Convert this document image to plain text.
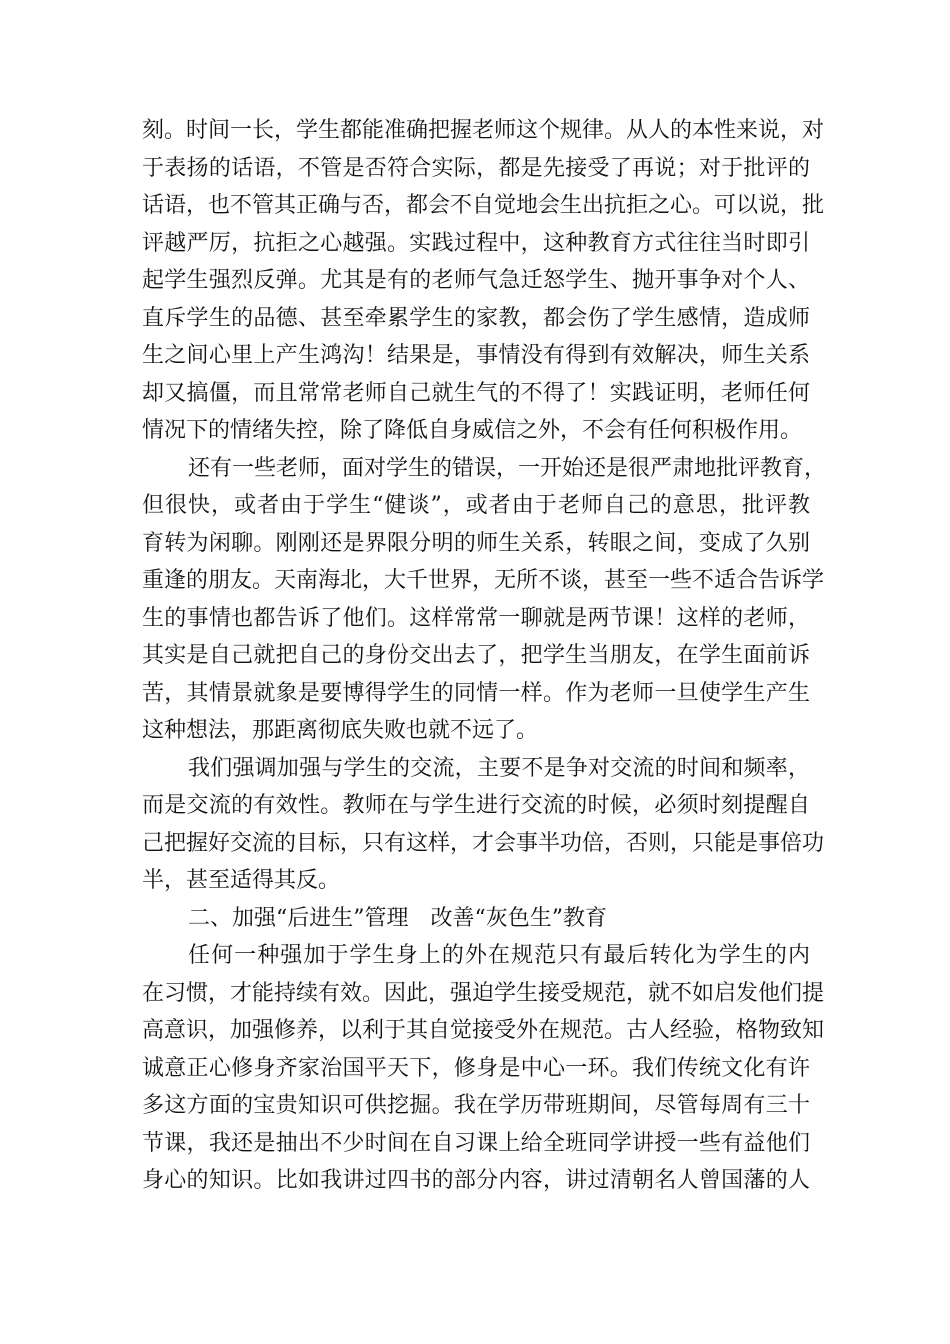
刻。时间一长，学生都能准确把握老师这个规律。从人的本性来说，对
于表扬的话语，不管是否符合实际，都是先接受了再说；对于批评的
话语，也不管其正确与否，都会不自觉地会生出抗拒之心。可以说，批
评越严厉，抗拒之心越强。实践过程中，这种教育方式往往当时即引
起学生强烈反弹。尤其是有的老师气急迁怒学生、抛开事争对个人、
直斥学生的品德、甚至牵累学生的家教，都会伤了学生感情，造成师
生之间心里上产生鸿沟！结果是，事情没有得到有效解决，师生关系
却又搞僵，而且常常老师自己就生气的不得了！实践证明，老师任何
情况下的情绪失控，除了降低自身威信之外，不会有任何积极作用。
还有一些老师，面对学生的错误，一开始还是很严肃地批评教育，
但很快，或者由于学生“健谈”，或者由于老师自己的意思，批评教
育转为闲聊。刚刚还是界限分明的师生关系，转眼之间，变成了久别
重逢的朋友。天南海北，大千世界，无所不谈，甚至一些不适合告诉学
生的事情也都告诉了他们。这样常常一聊就是两节课！这样的老师，
其实是自己就把自己的身份交出去了，把学生当朋友，在学生面前诉
苦，其情景就象是要博得学生的同情一样。作为老师一旦使学生产生
这种想法，那距离彻底失败也就不远了。
我们强调加强与学生的交流，主要不是争对交流的时间和频率，
而是交流的有效性。教师在与学生进行交流的时候，必须时刻提醒自
己把握好交流的目标，只有这样，才会事半功倍，否则，只能是事倍功
半，甚至适得其反。
二、加强“后进生”管理　改善“灰色生”教育
任何一种强加于学生身上的外在规范只有最后转化为学生的内
在习惯，才能持续有效。因此，强迫学生接受规范，就不如启发他们提
高意识，加强修养，以利于其自觉接受外在规范。古人经验，格物致知
诚意正心修身齐家治国平天下，修身是中心一环。我们传统文化有许
多这方面的宝贵知识可供挖掘。我在学历带班期间，尽管每周有三十
节课，我还是抽出不少时间在自习课上给全班同学讲授一些有益他们
身心的知识。比如我讲过四书的部分内容，讲过清朝名人曾国藩的人
